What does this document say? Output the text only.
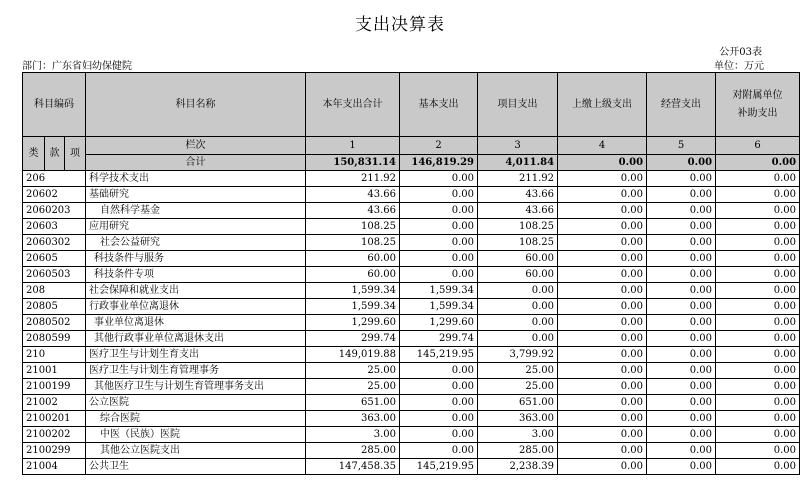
支出决算表
公开03表
部门：广东省妇幼保健院	单位：万元
科目编码			科目名称	本年支出合计	基本支出	项目支出	上缴上级支出	经营支出	对附属单位
补助支出
类	款	项	栏次	1	2	3	4	5	6
			合计	150,831.14	146,819.29	4,011.84	0.00	0.00	0.00
206			科学技术支出	211.92	0.00	211.92	0.00	0.00	0.00
20602			基础研究	43.66	0.00	43.66	0.00	0.00	0.00
2060203			自然科学基金	43.66	0.00	43.66	0.00	0.00	0.00
20603			应用研究	108.25	0.00	108.25	0.00	0.00	0.00
2060302			社会公益研究	108.25	0.00	108.25	0.00	0.00	0.00
20605			科技条件与服务	60.00	0.00	60.00	0.00	0.00	0.00
2060503			科技条件专项	60.00	0.00	60.00	0.00	0.00	0.00
208			社会保障和就业支出	1,599.34	1,599.34	0.00	0.00	0.00	0.00
20805			行政事业单位离退休	1,599.34	1,599.34	0.00	0.00	0.00	0.00
2080502			事业单位离退休	1,299.60	1,299.60	0.00	0.00	0.00	0.00
2080599			其他行政事业单位离退休支出	299.74	299.74	0.00	0.00	0.00	0.00
210			医疗卫生与计划生育支出	149,019.88	145,219.95	3,799.92	0.00	0.00	0.00
21001			医疗卫生与计划生育管理事务	25.00	0.00	25.00	0.00	0.00	0.00
2100199			其他医疗卫生与计划生育管理事务支出	25.00	0.00	25.00	0.00	0.00	0.00
21002			公立医院	651.00	0.00	651.00	0.00	0.00	0.00
2100201			综合医院	363.00	0.00	363.00	0.00	0.00	0.00
2100202			中医（民族）医院	3.00	0.00	3.00	0.00	0.00	0.00
2100299			其他公立医院支出	285.00	0.00	285.00	0.00	0.00	0.00
21004			公共卫生	147,458.35	145,219.95	2,238.39	0.00	0.00	0.00
